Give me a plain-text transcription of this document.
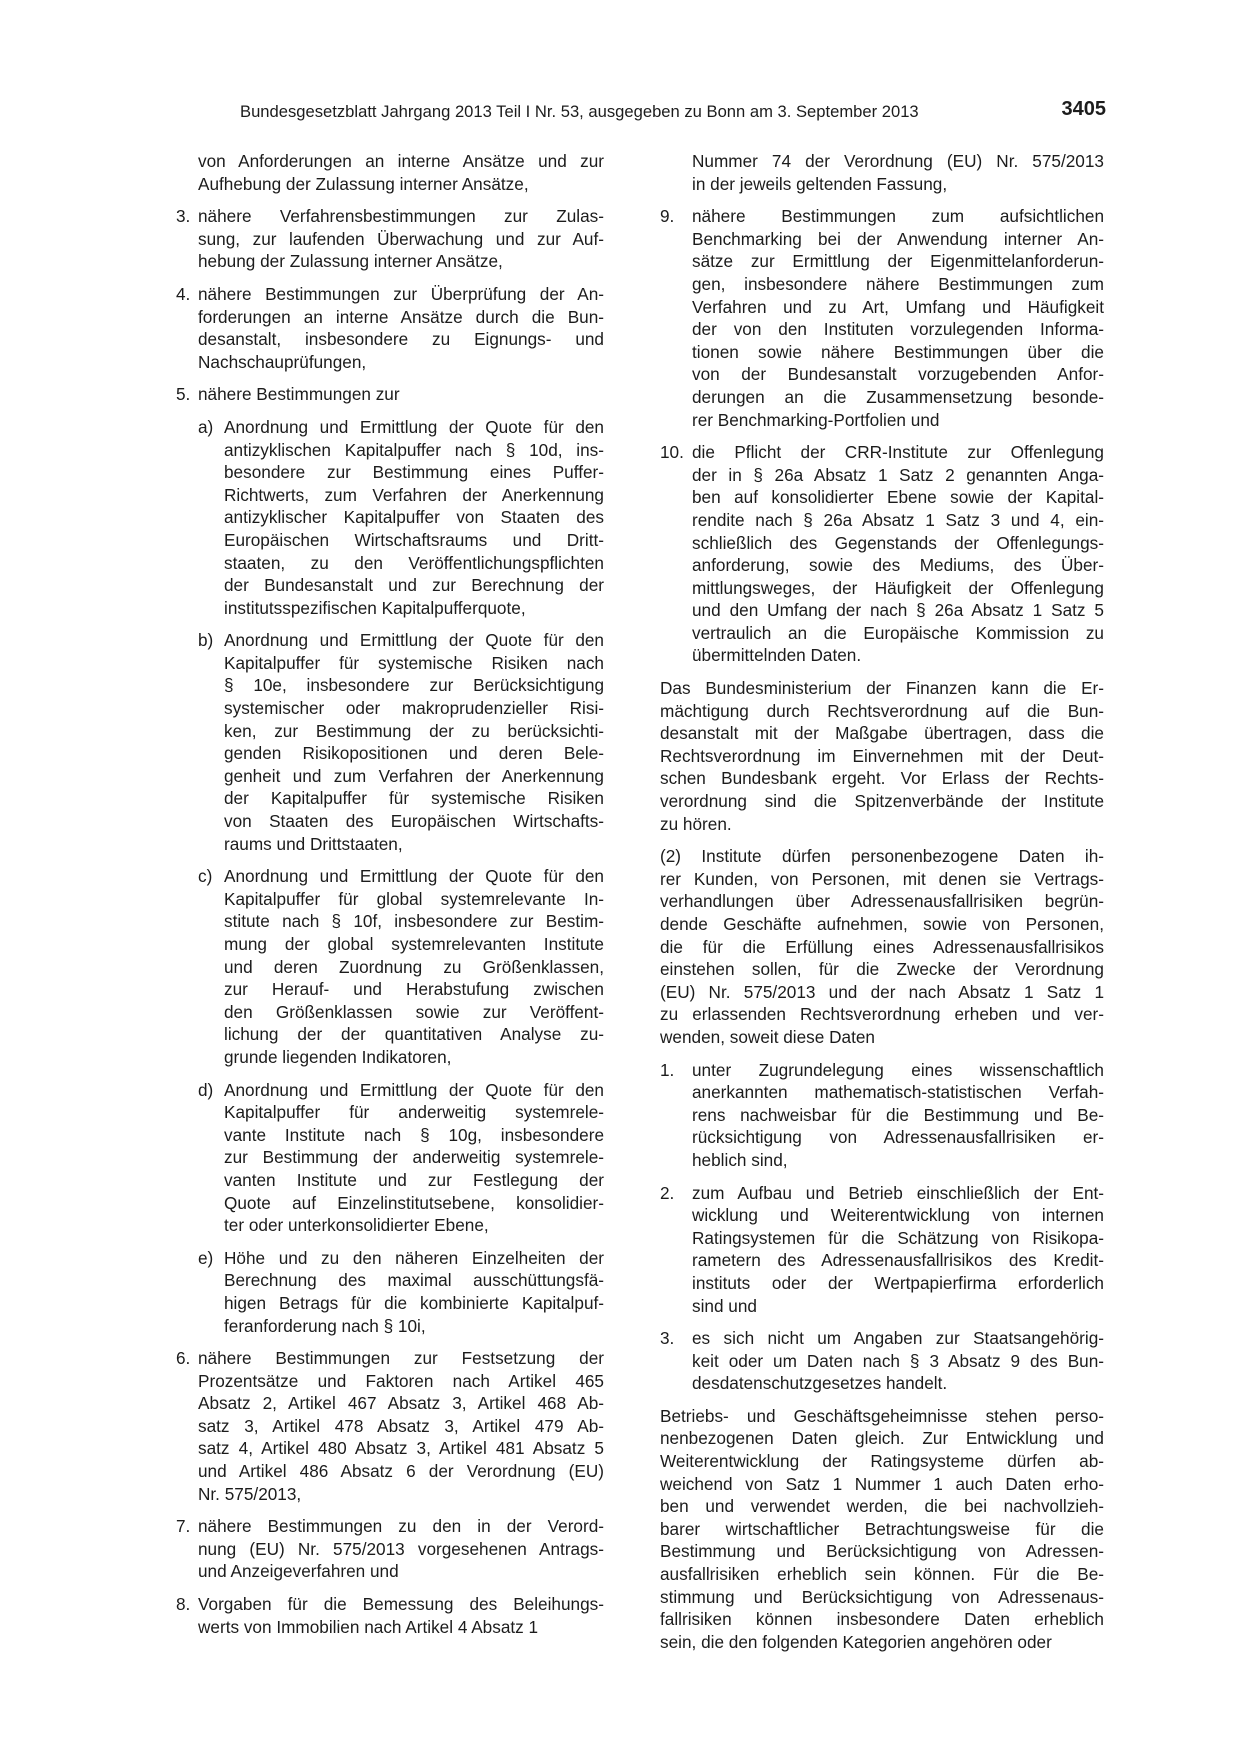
Bundesgesetzblatt Jahrgang 2013 Teil I Nr. 53, ausgegeben zu Bonn am 3. September 2013	3405
von Anforderungen an interne Ansätze und zur
Aufhebung der Zulassung interner Ansätze,
3. nähere Verfahrensbestimmungen zur Zulas-
sung, zur laufenden Überwachung und zur Auf-
hebung der Zulassung interner Ansätze,
4. nähere Bestimmungen zur Überprüfung der An-
forderungen an interne Ansätze durch die Bun-
desanstalt, insbesondere zu Eignungs- und
Nachschauprüfungen,
5. nähere Bestimmungen zur
a) Anordnung und Ermittlung der Quote für den
antizyklischen Kapitalpuffer nach § 10d, ins-
besondere zur Bestimmung eines Puffer-
Richtwerts, zum Verfahren der Anerkennung
antizyklischer Kapitalpuffer von Staaten des
Europäischen Wirtschaftsraums und Dritt-
staaten, zu den Veröffentlichungspflichten
der Bundesanstalt und zur Berechnung der
institutsspezifischen Kapitalpufferquote,
b) Anordnung und Ermittlung der Quote für den
Kapitalpuffer für systemische Risiken nach
§ 10e, insbesondere zur Berücksichtigung
systemischer oder makroprudenzieller Risi-
ken, zur Bestimmung der zu berücksichti-
genden Risikopositionen und deren Bele-
genheit und zum Verfahren der Anerkennung
der Kapitalpuffer für systemische Risiken
von Staaten des Europäischen Wirtschafts-
raums und Drittstaaten,
c) Anordnung und Ermittlung der Quote für den
Kapitalpuffer für global systemrelevante In-
stitute nach § 10f, insbesondere zur Bestim-
mung der global systemrelevanten Institute
und deren Zuordnung zu Größenklassen,
zur Herauf- und Herabstufung zwischen
den Größenklassen sowie zur Veröffent-
lichung der der quantitativen Analyse zu-
grunde liegenden Indikatoren,
d) Anordnung und Ermittlung der Quote für den
Kapitalpuffer für anderweitig systemrele-
vante Institute nach § 10g, insbesondere
zur Bestimmung der anderweitig systemrele-
vanten Institute und zur Festlegung der
Quote auf Einzelinstitutsebene, konsolidier-
ter oder unterkonsolidierter Ebene,
e) Höhe und zu den näheren Einzelheiten der
Berechnung des maximal ausschüttungsfä-
higen Betrags für die kombinierte Kapitalpuf-
feranforderung nach § 10i,
6. nähere Bestimmungen zur Festsetzung der
Prozentsätze und Faktoren nach Artikel 465
Absatz 2, Artikel 467 Absatz 3, Artikel 468 Ab-
satz 3, Artikel 478 Absatz 3, Artikel 479 Ab-
satz 4, Artikel 480 Absatz 3, Artikel 481 Absatz 5
und Artikel 486 Absatz 6 der Verordnung (EU)
Nr. 575/2013,
7. nähere Bestimmungen zu den in der Verord-
nung (EU) Nr. 575/2013 vorgesehenen Antrags-
und Anzeigeverfahren und
8. Vorgaben für die Bemessung des Beleihungs-
werts von Immobilien nach Artikel 4 Absatz 1
Nummer 74 der Verordnung (EU) Nr. 575/2013
in der jeweils geltenden Fassung,
9. nähere Bestimmungen zum aufsichtlichen
Benchmarking bei der Anwendung interner An-
sätze zur Ermittlung der Eigenmittelanforderun-
gen, insbesondere nähere Bestimmungen zum
Verfahren und zu Art, Umfang und Häufigkeit
der von den Instituten vorzulegenden Informa-
tionen sowie nähere Bestimmungen über die
von der Bundesanstalt vorzugebenden Anfor-
derungen an die Zusammensetzung besonde-
rer Benchmarking-Portfolien und
10. die Pflicht der CRR-Institute zur Offenlegung
der in § 26a Absatz 1 Satz 2 genannten Anga-
ben auf konsolidierter Ebene sowie der Kapital-
rendite nach § 26a Absatz 1 Satz 3 und 4, ein-
schließlich des Gegenstands der Offenlegungs-
anforderung, sowie des Mediums, des Über-
mittlungsweges, der Häufigkeit der Offenlegung
und den Umfang der nach § 26a Absatz 1 Satz 5
vertraulich an die Europäische Kommission zu
übermittelnden Daten.
Das Bundesministerium der Finanzen kann die Er-
mächtigung durch Rechtsverordnung auf die Bun-
desanstalt mit der Maßgabe übertragen, dass die
Rechtsverordnung im Einvernehmen mit der Deut-
schen Bundesbank ergeht. Vor Erlass der Rechts-
verordnung sind die Spitzenverbände der Institute
zu hören.
(2) Institute dürfen personenbezogene Daten ih-
rer Kunden, von Personen, mit denen sie Vertrags-
verhandlungen über Adressenausfallrisiken begrün-
dende Geschäfte aufnehmen, sowie von Personen,
die für die Erfüllung eines Adressenausfallrisikos
einstehen sollen, für die Zwecke der Verordnung
(EU) Nr. 575/2013 und der nach Absatz 1 Satz 1
zu erlassenden Rechtsverordnung erheben und ver-
wenden, soweit diese Daten
1. unter Zugrundelegung eines wissenschaftlich
anerkannten mathematisch-statistischen Verfah-
rens nachweisbar für die Bestimmung und Be-
rücksichtigung von Adressenausfallrisiken er-
heblich sind,
2. zum Aufbau und Betrieb einschließlich der Ent-
wicklung und Weiterentwicklung von internen
Ratingsystemen für die Schätzung von Risikopa-
rametern des Adressenausfallrisikos des Kredit-
instituts oder der Wertpapierfirma erforderlich
sind und
3. es sich nicht um Angaben zur Staatsangehörig-
keit oder um Daten nach § 3 Absatz 9 des Bun-
desdatenschutzgesetzes handelt.
Betriebs- und Geschäftsgeheimnisse stehen perso-
nenbezogenen Daten gleich. Zur Entwicklung und
Weiterentwicklung der Ratingsysteme dürfen ab-
weichend von Satz 1 Nummer 1 auch Daten erho-
ben und verwendet werden, die bei nachvollzieh-
barer wirtschaftlicher Betrachtungsweise für die
Bestimmung und Berücksichtigung von Adressen-
ausfallrisiken erheblich sein können. Für die Be-
stimmung und Berücksichtigung von Adressenaus-
fallrisiken können insbesondere Daten erheblich
sein, die den folgenden Kategorien angehören oder
